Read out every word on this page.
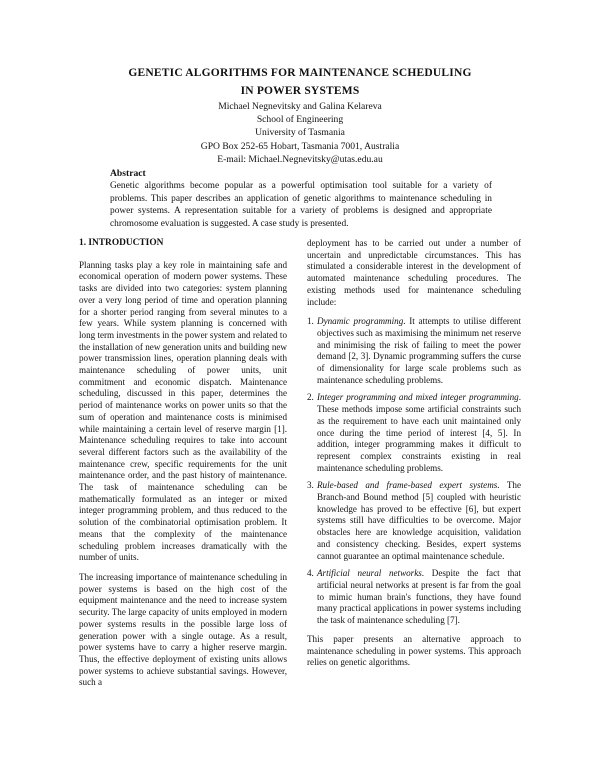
GENETIC ALGORITHMS FOR MAINTENANCE SCHEDULING
IN POWER SYSTEMS
Michael Negnevitsky and Galina Kelareva
School of Engineering
University of Tasmania
GPO Box 252-65 Hobart, Tasmania 7001, Australia
E-mail: Michael.Negnevitsky@utas.edu.au
Abstract

Genetic algorithms become popular as a powerful optimisation tool suitable for a variety of problems. This paper describes an application of genetic algorithms to maintenance scheduling in power systems. A representation suitable for a variety of problems is designed and appropriate chromosome evaluation is suggested. A case study is presented.

1. INTRODUCTION

Planning tasks play a key role in maintaining safe and economical operation of modern power systems. These tasks are divided into two categories: system planning over a very long period of time and operation planning for a shorter period ranging from several minutes to a few years. While system planning is concerned with long term investments in the power system and related to the installation of new generation units and building new power transmission lines, operation planning deals with maintenance scheduling of power units, unit commitment and economic dispatch. Maintenance scheduling, discussed in this paper, determines the period of maintenance works on power units so that the sum of operation and maintenance costs is minimised while maintaining a certain level of reserve margin [1]. Maintenance scheduling requires to take into account several different factors such as the availability of the maintenance crew, specific requirements for the unit maintenance order, and the past history of maintenance. The task of maintenance scheduling can be mathematically formulated as an integer or mixed integer programming problem, and thus reduced to the solution of the combinatorial optimisation problem. It means that the complexity of the maintenance scheduling problem increases dramatically with the number of units.

The increasing importance of maintenance scheduling in power systems is based on the high cost of the equipment maintenance and the need to increase system security. The large capacity of units employed in modern power systems results in the possible large loss of generation power with a single outage. As a result, power systems have to carry a higher reserve margin. Thus, the effective deployment of existing units allows power systems to achieve substantial savings. However, such a

deployment has to be carried out under a number of uncertain and unpredictable circumstances. This has stimulated a considerable interest in the development of automated maintenance scheduling procedures. The existing methods used for maintenance scheduling include:

1. Dynamic programming. It attempts to utilise different objectives such as maximising the minimum net reserve and minimising the risk of failing to meet the power demand [2, 3]. Dynamic programming suffers the curse of dimensionality for large scale problems such as maintenance scheduling problems.
2. Integer programming and mixed integer programming. These methods impose some artificial constraints such as the requirement to have each unit maintained only once during the time period of interest [4, 5]. In addition, integer programming makes it difficult to represent complex constraints existing in real maintenance scheduling problems.
3. Rule-based and frame-based expert systems. The Branch-and Bound method [5] coupled with heuristic knowledge has proved to be effective [6], but expert systems still have difficulties to be overcome. Major obstacles here are knowledge acquisition, validation and consistency checking. Besides, expert systems cannot guarantee an optimal maintenance schedule.
4. Artificial neural networks. Despite the fact that artificial neural networks at present is far from the goal to mimic human brain's functions, they have found many practical applications in power systems including the task of maintenance scheduling [7].

This paper presents an alternative approach to maintenance scheduling in power systems. This approach relies on genetic algorithms.
